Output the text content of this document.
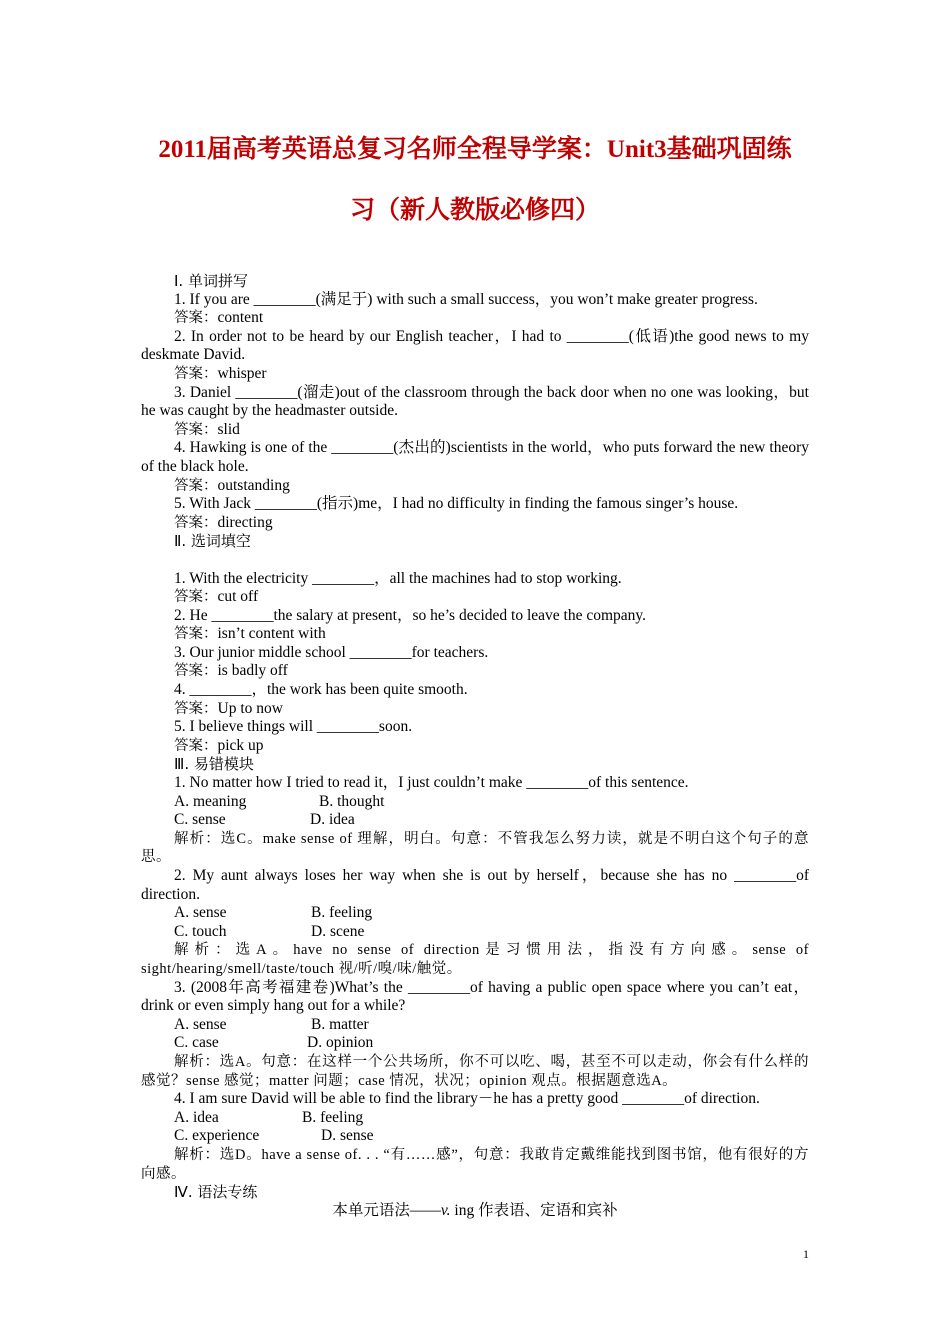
2011届高考英语总复习名师全程导学案：Unit3基础巩固练
习（新人教版必修四）

Ⅰ. 单词拼写

1. If you are ________(满足于) with such a small success，you won’t make greater progress.

答案：content

2. In order not to be heard by our English teacher，I had to ________(低语)the good news to my deskmate David.

答案：whisper

3. Daniel ________(溜走)out of the classroom through the back door when no one was looking，but he was caught by the headmaster outside.

答案：slid

4. Hawking is one of the ________(杰出的)scientists in the world，who puts forward the new theory of the black hole.

答案：outstanding

5. With Jack ________(指示)me，I had no difficulty in finding the famous singer’s house.

答案：directing

Ⅱ. 选词填空

1. With the electricity ________，all the machines had to stop working.

答案：cut off

2. He ________the salary at present，so he’s decided to leave the company.

答案：isn’t content with

3. Our junior middle school ________for teachers.

答案：is badly off

4. ________，the work has been quite smooth.

答案：Up to now

5. I believe things will ________soon.

答案：pick up

Ⅲ. 易错模块

1. No matter how I tried to read it，I just couldn’t make ________of this sentence.

A. meaning	B. thought
C. sense	D. idea

解析：选C。make sense of 理解，明白。句意：不管我怎么努力读，就是不明白这个句子的意思。

2. My aunt always loses her way when she is out by herself，because she has no ________of direction.

A. sense	B. feeling
C. touch	D. scene

解析：选A。have no sense of direction是习惯用法，指没有方向感。sense of sight/hearing/smell/taste/touch 视/听/嗅/味/触觉。

3. (2008年高考福建卷)What’s the ________of having a public open space where you can’t eat，drink or even simply hang out for a while?

A. sense	B. matter
C. case	D. opinion

解析：选A。句意：在这样一个公共场所，你不可以吃、喝，甚至不可以走动，你会有什么样的感觉？sense 感觉；matter 问题；case 情况，状况；opinion 观点。根据题意选A。

4. I am sure David will be able to find the library－he has a pretty good ________of direction.

A. idea	B. feeling
C. experience	D. sense

解析：选D。have a sense of. . . “有……感”，句意：我敢肯定戴维能找到图书馆，他有很好的方向感。

Ⅳ. 语法专练

本单元语法——v. ing 作表语、定语和宾补

1
